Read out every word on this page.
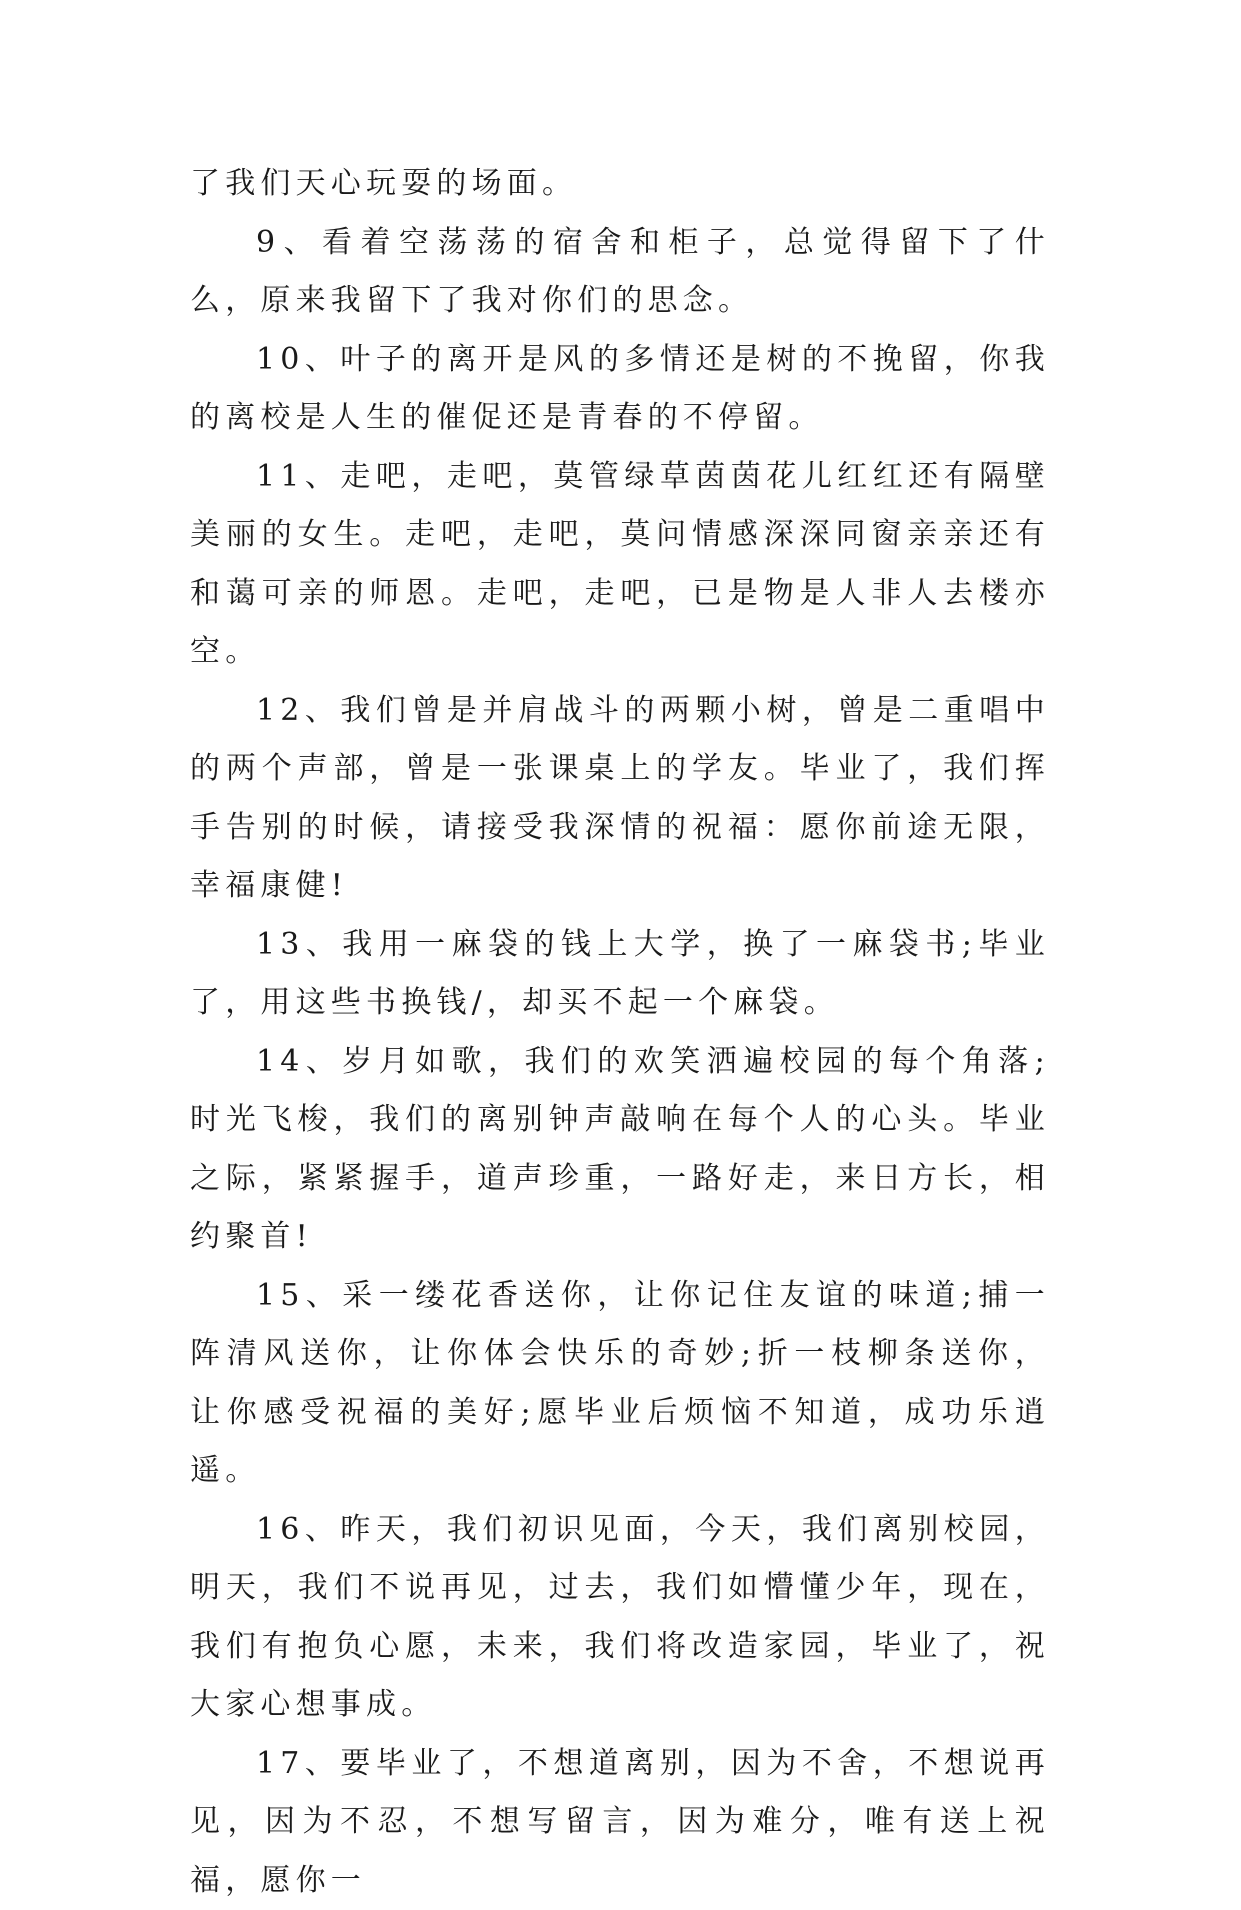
了我们天心玩耍的场面。

9、看着空荡荡的宿舍和柜子，总觉得留下了什么，原来我留下了我对你们的思念。

10、叶子的离开是风的多情还是树的不挽留，你我的离校是人生的催促还是青春的不停留。

11、走吧，走吧，莫管绿草茵茵花儿红红还有隔壁美丽的女生。走吧，走吧，莫问情感深深同窗亲亲还有和蔼可亲的师恩。走吧，走吧，已是物是人非人去楼亦空。

12、我们曾是并肩战斗的两颗小树，曾是二重唱中的两个声部，曾是一张课桌上的学友。毕业了，我们挥手告别的时候，请接受我深情的祝福：愿你前途无限，幸福康健!

13、我用一麻袋的钱上大学，换了一麻袋书;毕业了，用这些书换钱/，却买不起一个麻袋。

14、岁月如歌，我们的欢笑洒遍校园的每个角落;时光飞梭，我们的离别钟声敲响在每个人的心头。毕业之际，紧紧握手，道声珍重，一路好走，来日方长，相约聚首!

15、采一缕花香送你，让你记住友谊的味道;捕一阵清风送你，让你体会快乐的奇妙;折一枝柳条送你，让你感受祝福的美好;愿毕业后烦恼不知道，成功乐逍遥。

16、昨天，我们初识见面，今天，我们离别校园，明天，我们不说再见，过去，我们如懵懂少年，现在，我们有抱负心愿，未来，我们将改造家园，毕业了，祝大家心想事成。

17、要毕业了，不想道离别，因为不舍，不想说再见，因为不忍，不想写留言，因为难分，唯有送上祝福，愿你一
